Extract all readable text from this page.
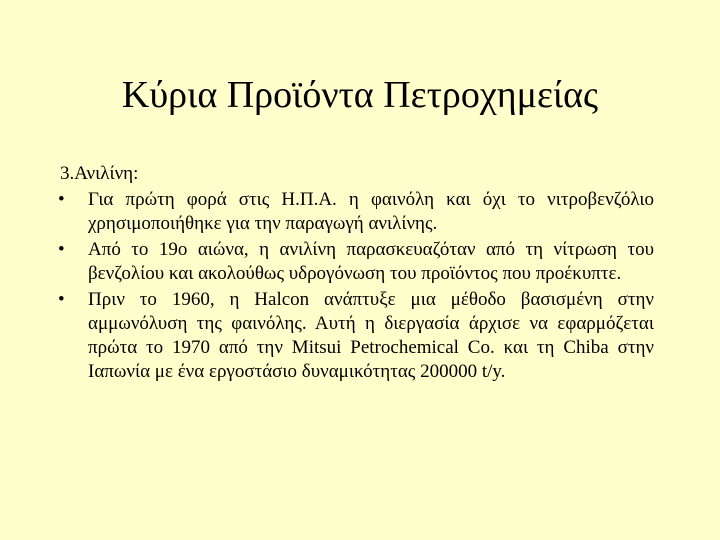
Κύρια Προϊόντα Πετροχημείας
3.Ανιλίνη:
• Για πρώτη φορά στις Η.Π.Α. η φαινόλη και όχι το νιτροβενζόλιο χρησιμοποιήθηκε για την παραγωγή ανιλίνης.
• Από το 19ο αιώνα, η ανιλίνη παρασκευαζόταν από τη νίτρωση του βενζολίου και ακολούθως υδρογόνωση του προϊόντος που προέκυπτε.
• Πριν το 1960, η Halcon ανάπτυξε μια μέθοδο βασισμένη στην αμμωνόλυση της φαινόλης. Αυτή η διεργασία άρχισε να εφαρμόζεται πρώτα το 1970 από την Mitsui Petrochemical Co. και τη Chiba στην Ιαπωνία με ένα εργοστάσιο δυναμικότητας 200000 t/y.
